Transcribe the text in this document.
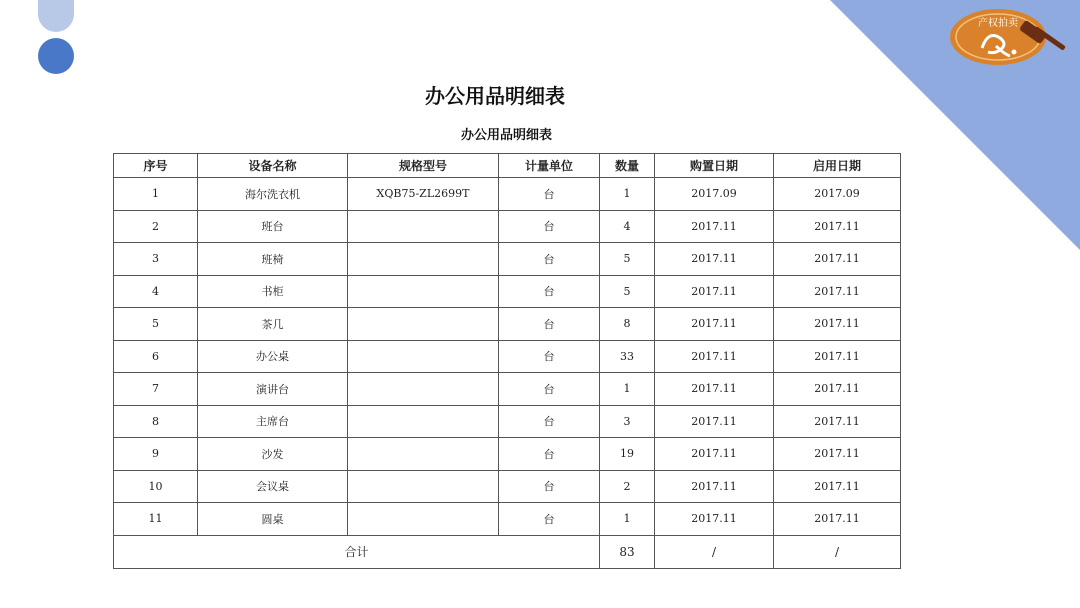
产权拍卖
办公用品明细表
办公用品明细表
序号	设备名称	规格型号	计量单位	数量	购置日期	启用日期
1	海尔洗衣机	XQB75-ZL2699T	台	1	2017.09	2017.09
2	班台		台	4	2017.11	2017.11
3	班椅		台	5	2017.11	2017.11
4	书柜		台	5	2017.11	2017.11
5	茶几		台	8	2017.11	2017.11
6	办公桌		台	33	2017.11	2017.11
7	演讲台		台	1	2017.11	2017.11
8	主席台		台	3	2017.11	2017.11
9	沙发		台	19	2017.11	2017.11
10	会议桌		台	2	2017.11	2017.11
11	圆桌		台	1	2017.11	2017.11
合计				83	/	/
